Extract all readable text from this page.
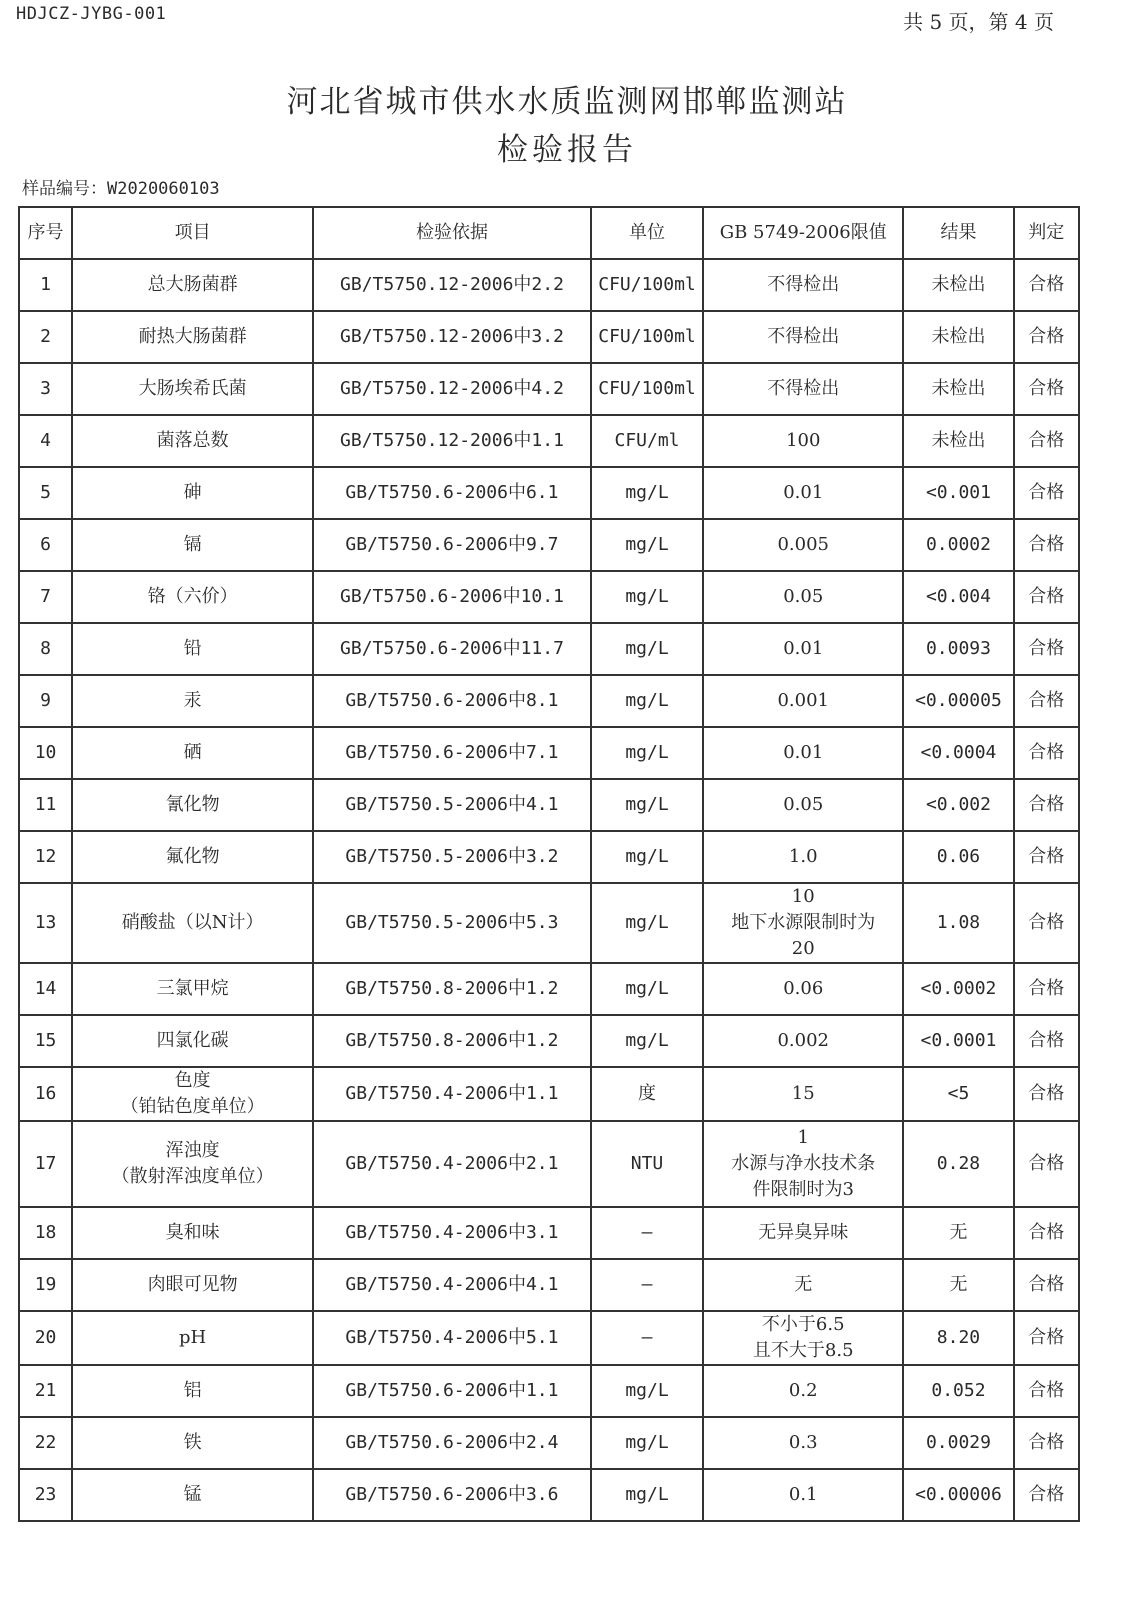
HDJCZ-JYBG-001	共 5 页，第 4 页
河北省城市供水水质监测网邯郸监测站
检验报告
样品编号：W2020060103
序号	项目	检验依据	单位	GB 5749-2006限值	结果	判定
1	总大肠菌群	GB/T5750.12-2006中2.2	CFU/100ml	不得检出	未检出	合格
2	耐热大肠菌群	GB/T5750.12-2006中3.2	CFU/100ml	不得检出	未检出	合格
3	大肠埃希氏菌	GB/T5750.12-2006中4.2	CFU/100ml	不得检出	未检出	合格
4	菌落总数	GB/T5750.12-2006中1.1	CFU/ml	100	未检出	合格
5	砷	GB/T5750.6-2006中6.1	mg/L	0.01	<0.001	合格
6	镉	GB/T5750.6-2006中9.7	mg/L	0.005	0.0002	合格
7	铬（六价）	GB/T5750.6-2006中10.1	mg/L	0.05	<0.004	合格
8	铅	GB/T5750.6-2006中11.7	mg/L	0.01	0.0093	合格
9	汞	GB/T5750.6-2006中8.1	mg/L	0.001	<0.00005	合格
10	硒	GB/T5750.6-2006中7.1	mg/L	0.01	<0.0004	合格
11	氰化物	GB/T5750.5-2006中4.1	mg/L	0.05	<0.002	合格
12	氟化物	GB/T5750.5-2006中3.2	mg/L	1.0	0.06	合格
13	硝酸盐（以N计）	GB/T5750.5-2006中5.3	mg/L	10
地下水源限制时为
20	1.08	合格
14	三氯甲烷	GB/T5750.8-2006中1.2	mg/L	0.06	<0.0002	合格
15	四氯化碳	GB/T5750.8-2006中1.2	mg/L	0.002	<0.0001	合格
16	色度
（铂钴色度单位）	GB/T5750.4-2006中1.1	度	15	<5	合格
17	浑浊度
（散射浑浊度单位）	GB/T5750.4-2006中2.1	NTU	1
水源与净水技术条
件限制时为3	0.28	合格
18	臭和味	GB/T5750.4-2006中3.1	—	无异臭异味	无	合格
19	肉眼可见物	GB/T5750.4-2006中4.1	—	无	无	合格
20	pH	GB/T5750.4-2006中5.1	—	不小于6.5
且不大于8.5	8.20	合格
21	铝	GB/T5750.6-2006中1.1	mg/L	0.2	0.052	合格
22	铁	GB/T5750.6-2006中2.4	mg/L	0.3	0.0029	合格
23	锰	GB/T5750.6-2006中3.6	mg/L	0.1	<0.00006	合格
